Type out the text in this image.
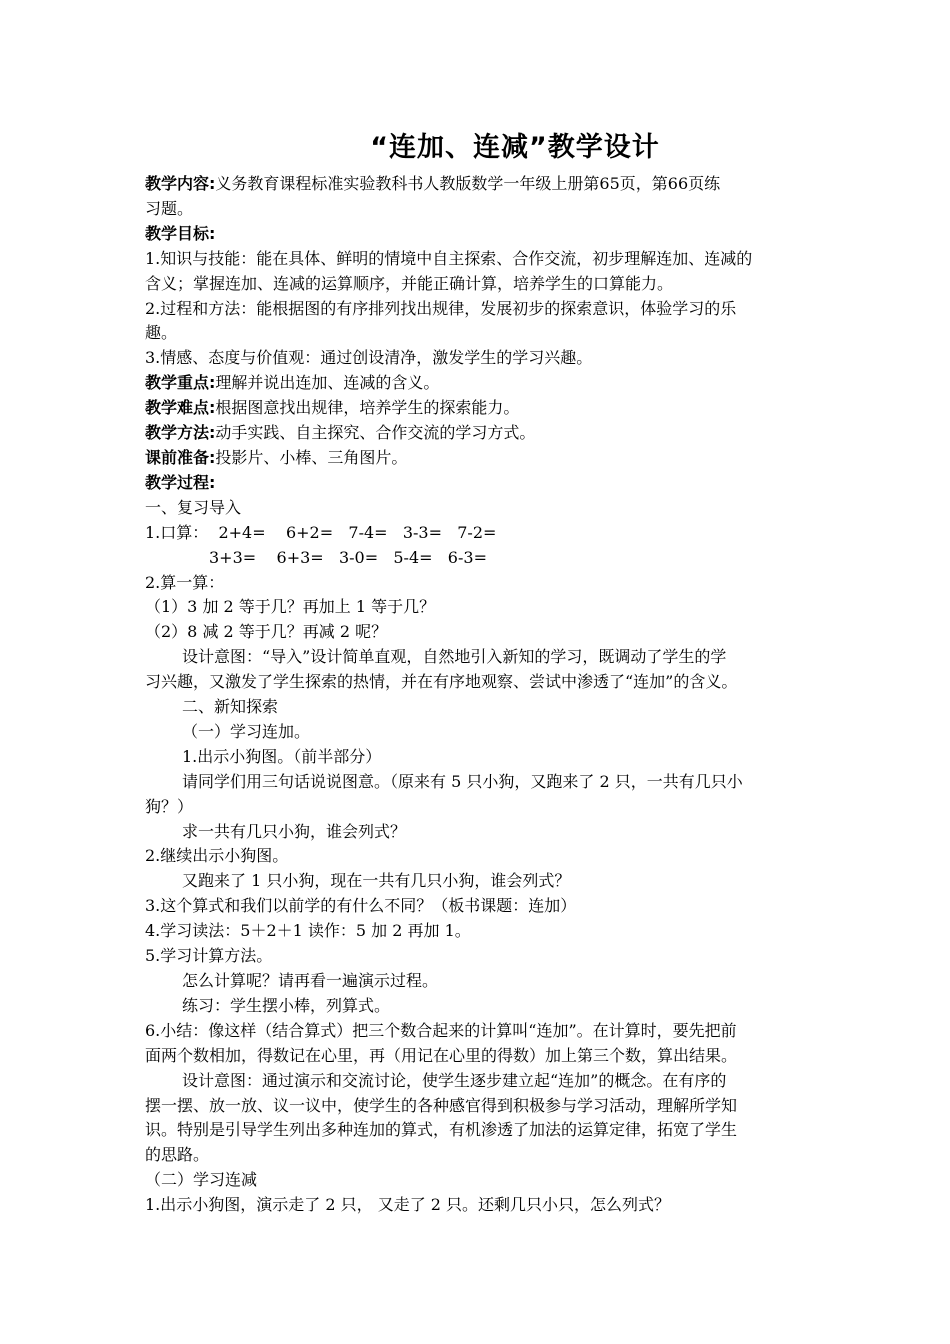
“连加、连减”教学设计
教学内容:义务教育课程标准实验教科书人教版数学一年级上册第65页，第66页练
习题。
教学目标:
1.知识与技能：能在具体、鲜明的情境中自主探索、合作交流，初步理解连加、连减的
含义；掌握连加、连减的运算顺序，并能正确计算，培养学生的口算能力。
2.过程和方法：能根据图的有序排列找出规律，发展初步的探索意识，体验学习的乐
趣。
3.情感、态度与价值观：通过创设清净，激发学生的学习兴趣。
教学重点:理解并说出连加、连减的含义。
教学难点:根据图意找出规律，培养学生的探索能力。
教学方法:动手实践、自主探究、合作交流的学习方式。
课前准备:投影片、小棒、三角图片。
教学过程:
一、复习导入
1.口算：  2+4=    6+2=   7-4=   3-3=   7-2=
3+3=    6+3=   3-0=   5-4=   6-3=
2.算一算：
（1）3 加 2 等于几？再加上 1 等于几？
（2）8 减 2 等于几？再减 2 呢？
设计意图：“导入”设计简单直观，自然地引入新知的学习，既调动了学生的学
习兴趣，又激发了学生探索的热情，并在有序地观察、尝试中渗透了“连加”的含义。
二、新知探索
（一）学习连加。
1.出示小狗图。（前半部分）
请同学们用三句话说说图意。（原来有 5 只小狗，又跑来了 2 只，一共有几只小
狗？）
求一共有几只小狗，谁会列式？
2.继续出示小狗图。
又跑来了 1 只小狗，现在一共有几只小狗，谁会列式？
3.这个算式和我们以前学的有什么不同？（板书课题：连加）
4.学习读法：5＋2＋1 读作：5 加 2 再加 1。
5.学习计算方法。
怎么计算呢？请再看一遍演示过程。
练习：学生摆小棒，列算式。
6.小结：像这样（结合算式）把三个数合起来的计算叫“连加”。在计算时，要先把前
面两个数相加，得数记在心里，再（用记在心里的得数）加上第三个数，算出结果。
设计意图：通过演示和交流讨论，使学生逐步建立起“连加”的概念。在有序的
摆一摆、放一放、议一议中，使学生的各种感官得到积极参与学习活动，理解所学知
识。特别是引导学生列出多种连加的算式，有机渗透了加法的运算定律，拓宽了学生
的思路。
（二）学习连减
1.出示小狗图，演示走了 2 只， 又走了 2 只。还剩几只小只，怎么列式？
